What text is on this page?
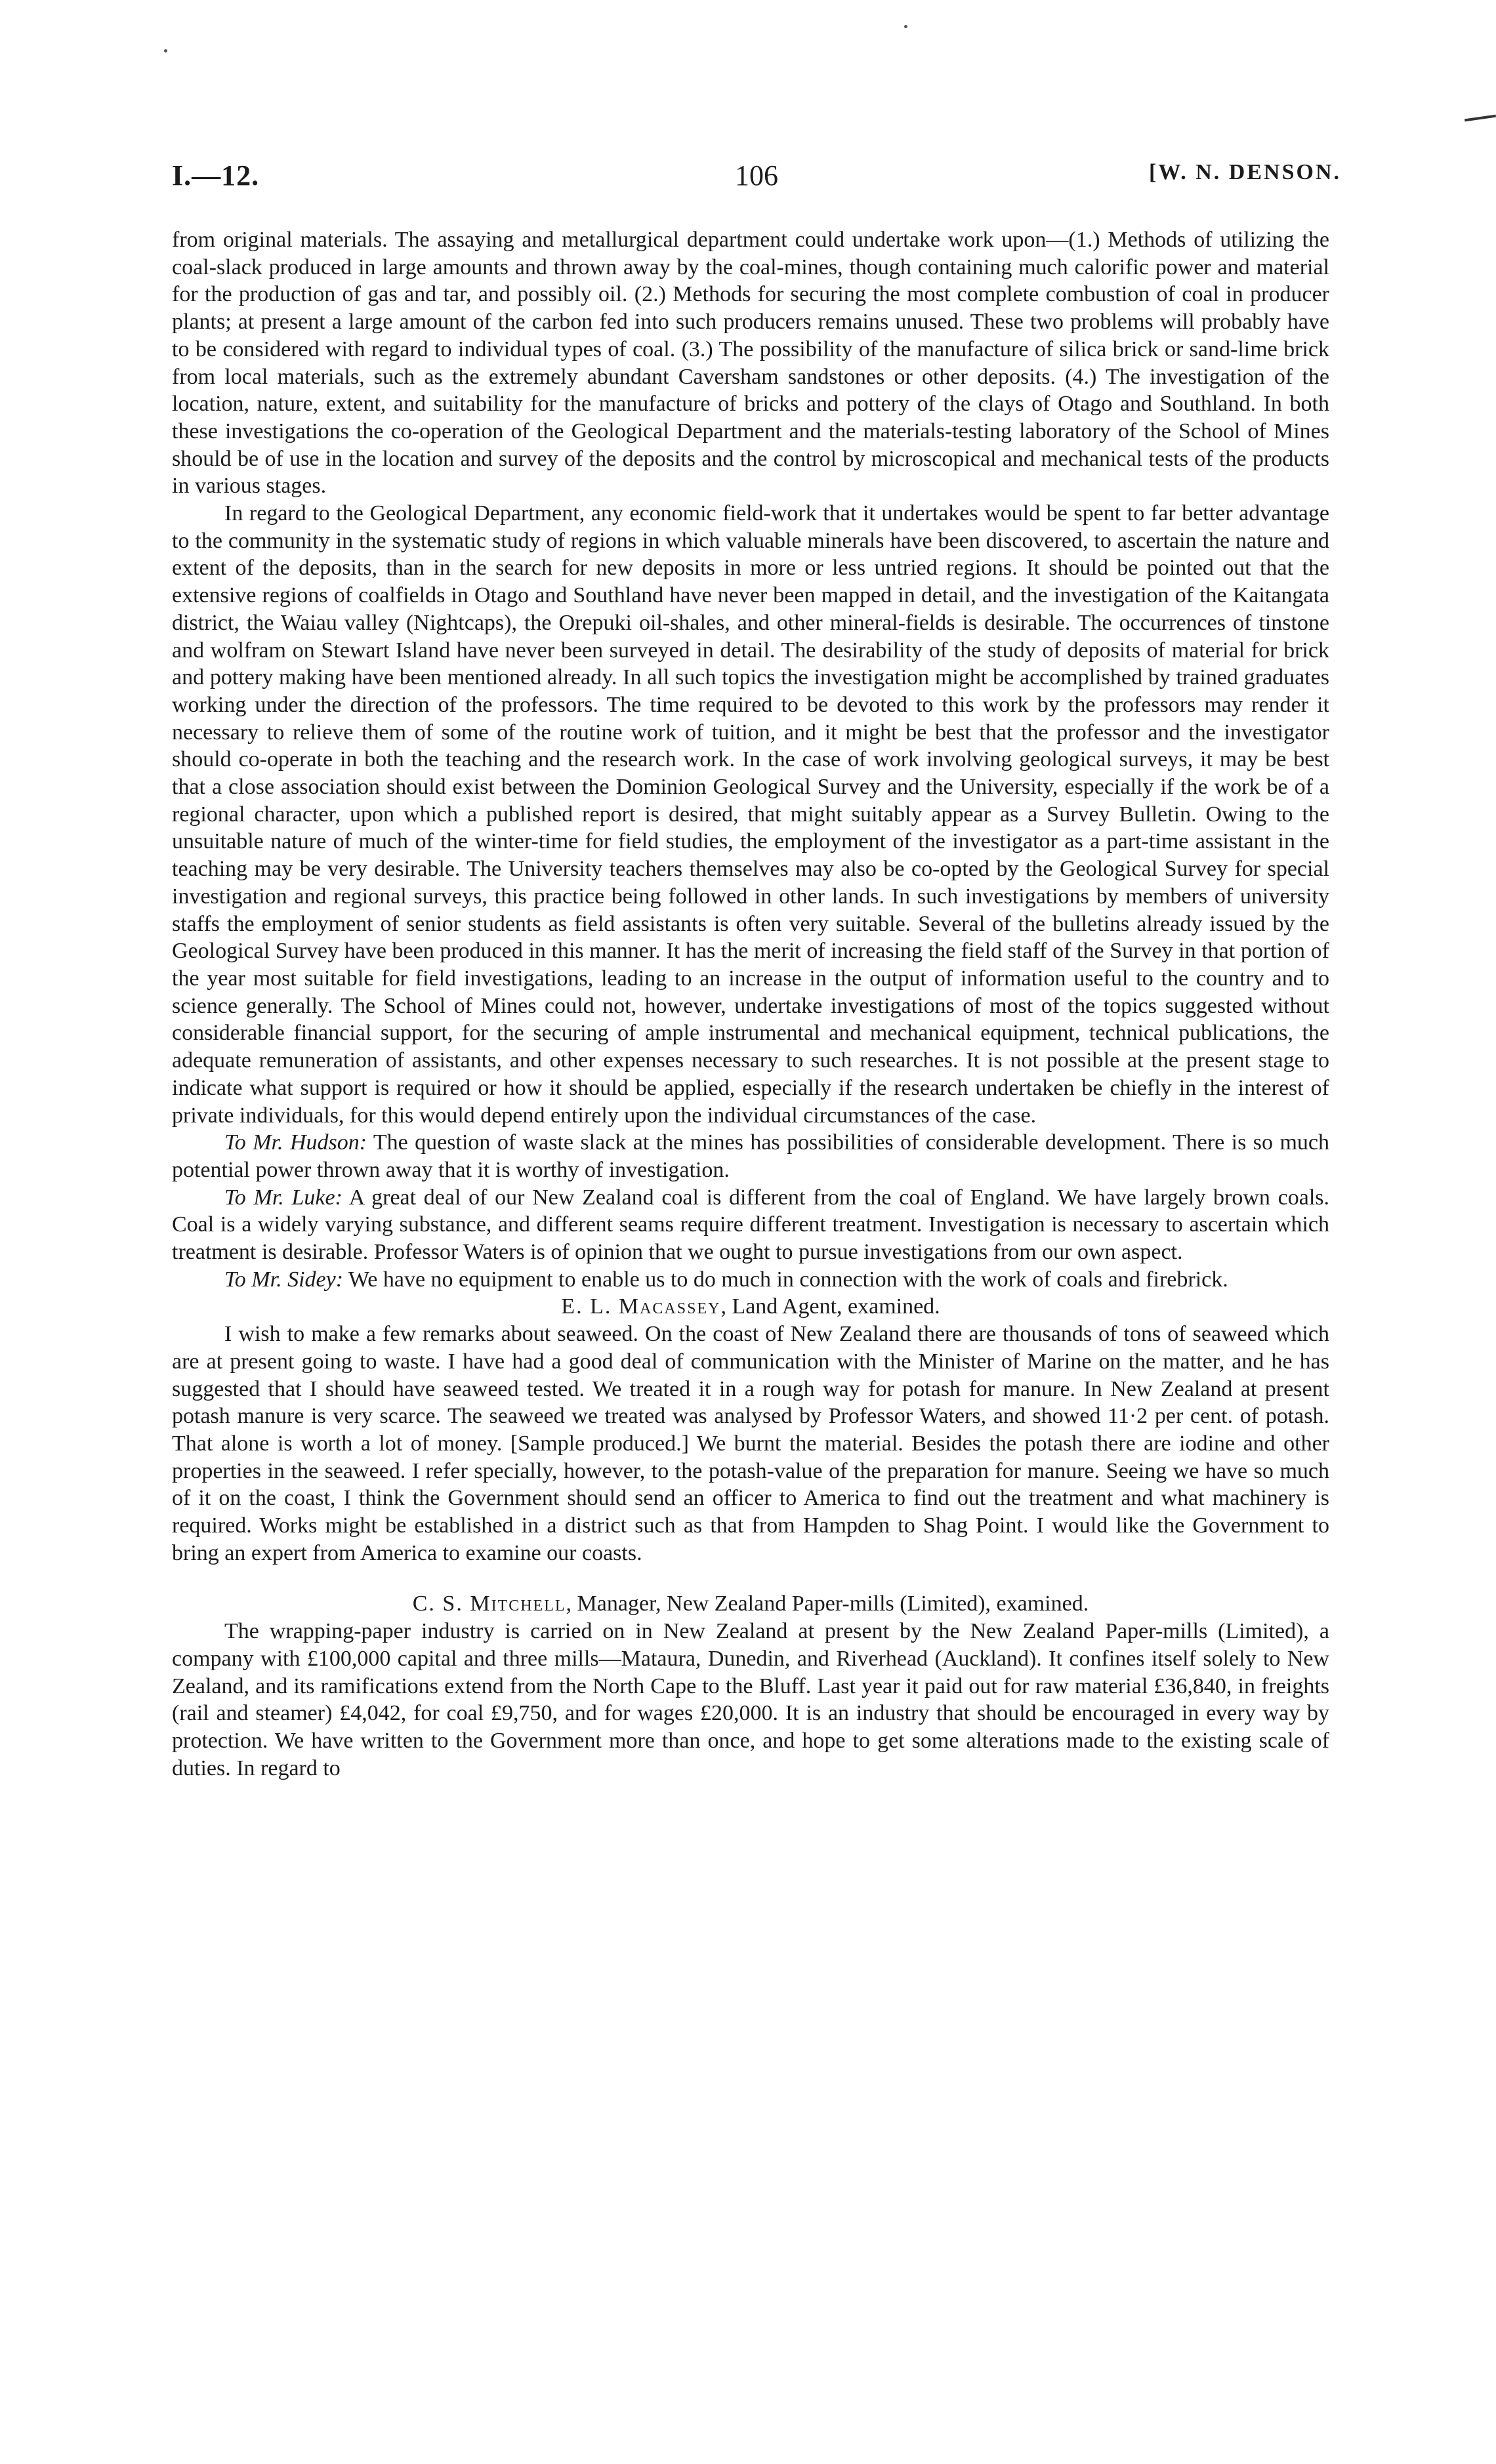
I.—12.	106	[W. N. DENSON.

from original materials. The assaying and metallurgical department could undertake work upon—(1.) Methods of utilizing the coal-slack produced in large amounts and thrown away by the coal-mines, though containing much calorific power and material for the production of gas and tar, and possibly oil. (2.) Methods for securing the most complete combustion of coal in producer plants; at present a large amount of the carbon fed into such producers remains unused. These two problems will probably have to be considered with regard to individual types of coal. (3.) The possibility of the manufacture of silica brick or sand-lime brick from local materials, such as the extremely abundant Caversham sandstones or other deposits. (4.) The investigation of the location, nature, extent, and suitability for the manufacture of bricks and pottery of the clays of Otago and Southland. In both these investigations the co-operation of the Geological Department and the materials-testing laboratory of the School of Mines should be of use in the location and survey of the deposits and the control by microscopical and mechanical tests of the products in various stages.

In regard to the Geological Department, any economic field-work that it undertakes would be spent to far better advantage to the community in the systematic study of regions in which valuable minerals have been discovered, to ascertain the nature and extent of the deposits, than in the search for new deposits in more or less untried regions. It should be pointed out that the extensive regions of coalfields in Otago and Southland have never been mapped in detail, and the investigation of the Kaitangata district, the Waiau valley (Nightcaps), the Orepuki oil-shales, and other mineral-fields is desirable. The occurrences of tinstone and wolfram on Stewart Island have never been surveyed in detail. The desirability of the study of deposits of material for brick and pottery making have been mentioned already. In all such topics the investigation might be accomplished by trained graduates working under the direction of the professors. The time required to be devoted to this work by the professors may render it necessary to relieve them of some of the routine work of tuition, and it might be best that the professor and the investigator should co-operate in both the teaching and the research work. In the case of work involving geological surveys, it may be best that a close association should exist between the Dominion Geological Survey and the University, especially if the work be of a regional character, upon which a published report is desired, that might suitably appear as a Survey Bulletin. Owing to the unsuitable nature of much of the winter-time for field studies, the employment of the investigator as a part-time assistant in the teaching may be very desirable. The University teachers themselves may also be co-opted by the Geological Survey for special investigation and regional surveys, this practice being followed in other lands. In such investigations by members of university staffs the employment of senior students as field assistants is often very suitable. Several of the bulletins already issued by the Geological Survey have been produced in this manner. It has the merit of increasing the field staff of the Survey in that portion of the year most suitable for field investigations, leading to an increase in the output of information useful to the country and to science generally. The School of Mines could not, however, undertake investigations of most of the topics suggested without considerable financial support, for the securing of ample instrumental and mechanical equipment, technical publications, the adequate remuneration of assistants, and other expenses necessary to such researches. It is not possible at the present stage to indicate what support is required or how it should be applied, especially if the research undertaken be chiefly in the interest of private individuals, for this would depend entirely upon the individual circumstances of the case.

To Mr. Hudson: The question of waste slack at the mines has possibilities of considerable development. There is so much potential power thrown away that it is worthy of investigation.

To Mr. Luke: A great deal of our New Zealand coal is different from the coal of England. We have largely brown coals. Coal is a widely varying substance, and different seams require different treatment. Investigation is necessary to ascertain which treatment is desirable. Professor Waters is of opinion that we ought to pursue investigations from our own aspect.

To Mr. Sidey: We have no equipment to enable us to do much in connection with the work of coals and firebrick.

E. L. Macassey, Land Agent, examined.

I wish to make a few remarks about seaweed. On the coast of New Zealand there are thousands of tons of seaweed which are at present going to waste. I have had a good deal of communication with the Minister of Marine on the matter, and he has suggested that I should have seaweed tested. We treated it in a rough way for potash for manure. In New Zealand at present potash manure is very scarce. The seaweed we treated was analysed by Professor Waters, and showed 11·2 per cent. of potash. That alone is worth a lot of money. [Sample produced.] We burnt the material. Besides the potash there are iodine and other properties in the seaweed. I refer specially, however, to the potash-value of the preparation for manure. Seeing we have so much of it on the coast, I think the Government should send an officer to America to find out the treatment and what machinery is required. Works might be established in a district such as that from Hampden to Shag Point. I would like the Government to bring an expert from America to examine our coasts.

C. S. Mitchell, Manager, New Zealand Paper-mills (Limited), examined.

The wrapping-paper industry is carried on in New Zealand at present by the New Zealand Paper-mills (Limited), a company with £100,000 capital and three mills—Mataura, Dunedin, and Riverhead (Auckland). It confines itself solely to New Zealand, and its ramifications extend from the North Cape to the Bluff. Last year it paid out for raw material £36,840, in freights (rail and steamer) £4,042, for coal £9,750, and for wages £20,000. It is an industry that should be encouraged in every way by protection. We have written to the Government more than once, and hope to get some alterations made to the existing scale of duties. In regard to
